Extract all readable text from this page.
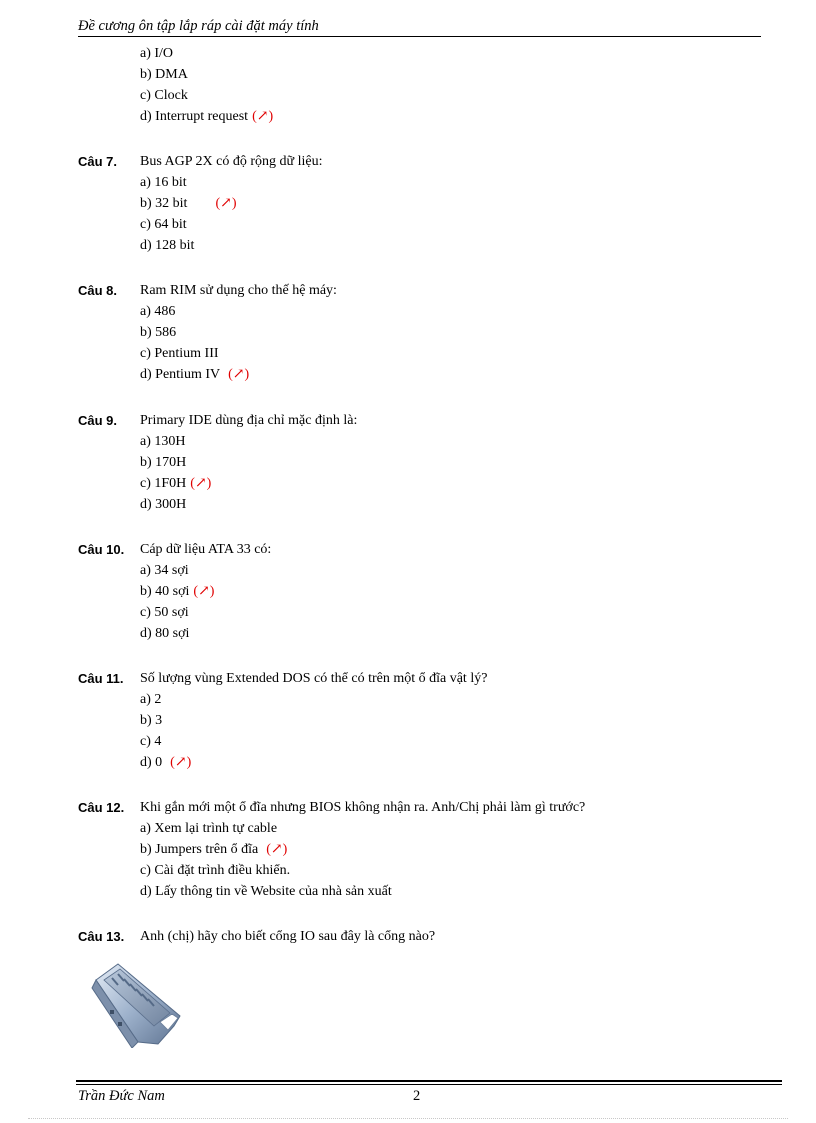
Đề cương ôn tập lắp ráp cài đặt máy tính
a) I/O
b) DMA
c) Clock
d) Interrupt request (↗)
Câu 7.	Bus AGP 2X có độ rộng dữ liệu:
a) 16 bit
b) 32 bit (↗)
c) 64 bit
d) 128 bit
Câu 8.	Ram RIM sử dụng cho thế hệ máy:
a) 486
b) 586
c) Pentium III
d) Pentium IV (↗)
Câu 9.	Primary IDE dùng địa chỉ mặc định là:
a) 130H
b) 170H
c) 1F0H (↗)
d) 300H
Câu 10.	Cáp dữ liệu ATA 33 có:
a) 34 sợi
b) 40 sợi (↗)
c) 50 sợi
d) 80 sợi
Câu 11.	Số lượng vùng Extended DOS có thể có trên một ổ đĩa vật lý?
a) 2
b) 3
c) 4
d) 0 (↗)
Câu 12.	Khi gắn mới một ổ đĩa nhưng BIOS không nhận ra. Anh/Chị phải làm gì trước?
a) Xem lại trình tự cable
b) Jumpers trên ổ đĩa (↗)
c) Cài đặt trình điều khiển.
d) Lấy thông tin về Website của nhà sản xuất
Câu 13.	Anh (chị) hãy cho biết cổng IO sau đây là cổng nào?
Trần Đức Nam	2
